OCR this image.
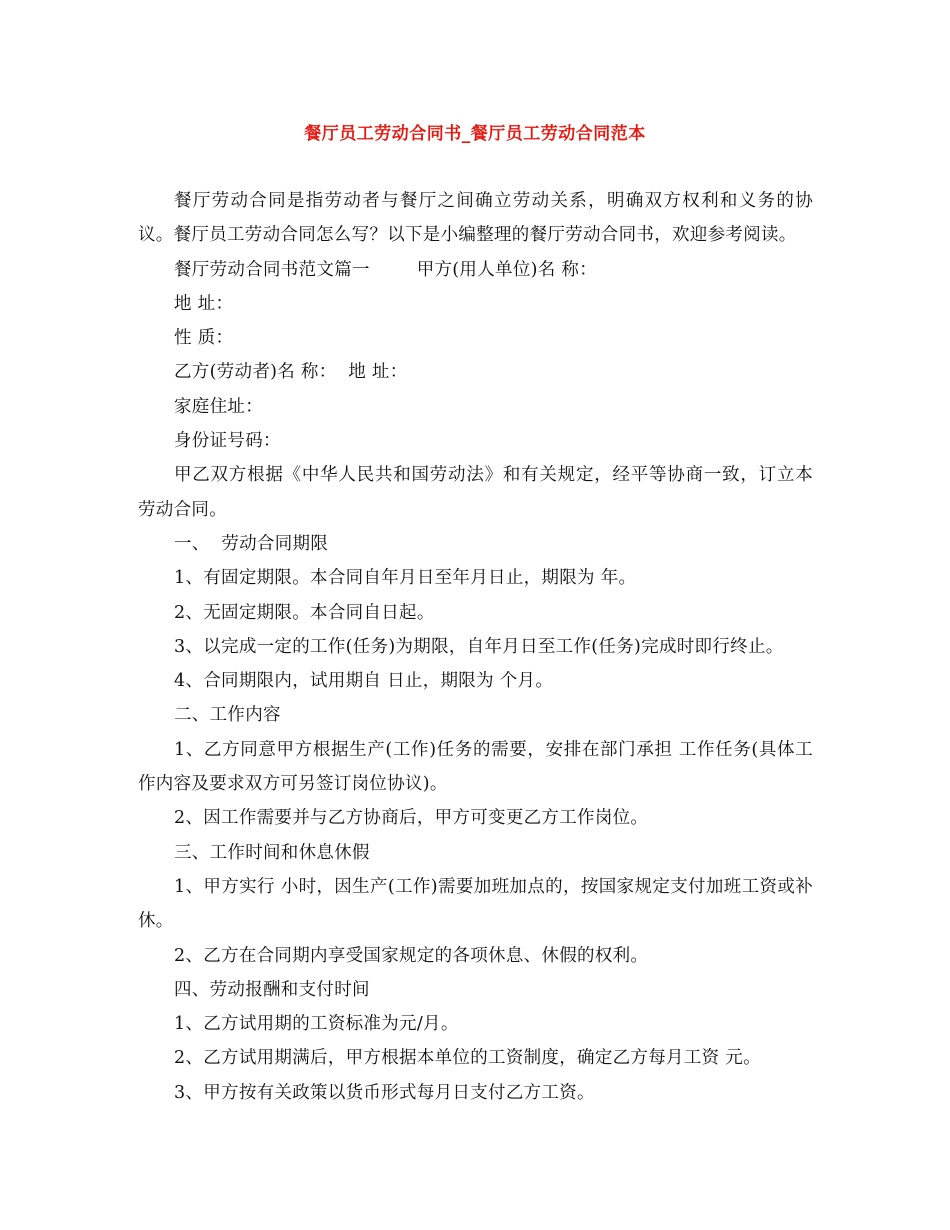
餐厅员工劳动合同书_餐厅员工劳动合同范本

餐厅劳动合同是指劳动者与餐厅之间确立劳动关系，明确双方权利和义务的协议。餐厅员工劳动合同怎么写？以下是小编整理的餐厅劳动合同书，欢迎参考阅读。

餐厅劳动合同书范文篇一        甲方(用人单位)名 称：

地 址：

性 质：

乙方(劳动者)名 称：  地 址：

家庭住址：

身份证号码：

甲乙双方根据《中华人民共和国劳动法》和有关规定，经平等协商一致，订立本劳动合同。

一、  劳动合同期限

1、有固定期限。本合同自年月日至年月日止，期限为 年。

2、无固定期限。本合同自日起。

3、以完成一定的工作(任务)为期限，自年月日至工作(任务)完成时即行终止。

4、合同期限内，试用期自 日止，期限为 个月。

二、工作内容

1、乙方同意甲方根据生产(工作)任务的需要，安排在部门承担 工作任务(具体工作内容及要求双方可另签订岗位协议)。

2、因工作需要并与乙方协商后，甲方可变更乙方工作岗位。

三、工作时间和休息休假

1、甲方实行 小时，因生产(工作)需要加班加点的，按国家规定支付加班工资或补休。

2、乙方在合同期内享受国家规定的各项休息、休假的权利。

四、劳动报酬和支付时间

1、乙方试用期的工资标准为元/月。

2、乙方试用期满后，甲方根据本单位的工资制度，确定乙方每月工资 元。

3、甲方按有关政策以货币形式每月日支付乙方工资。
